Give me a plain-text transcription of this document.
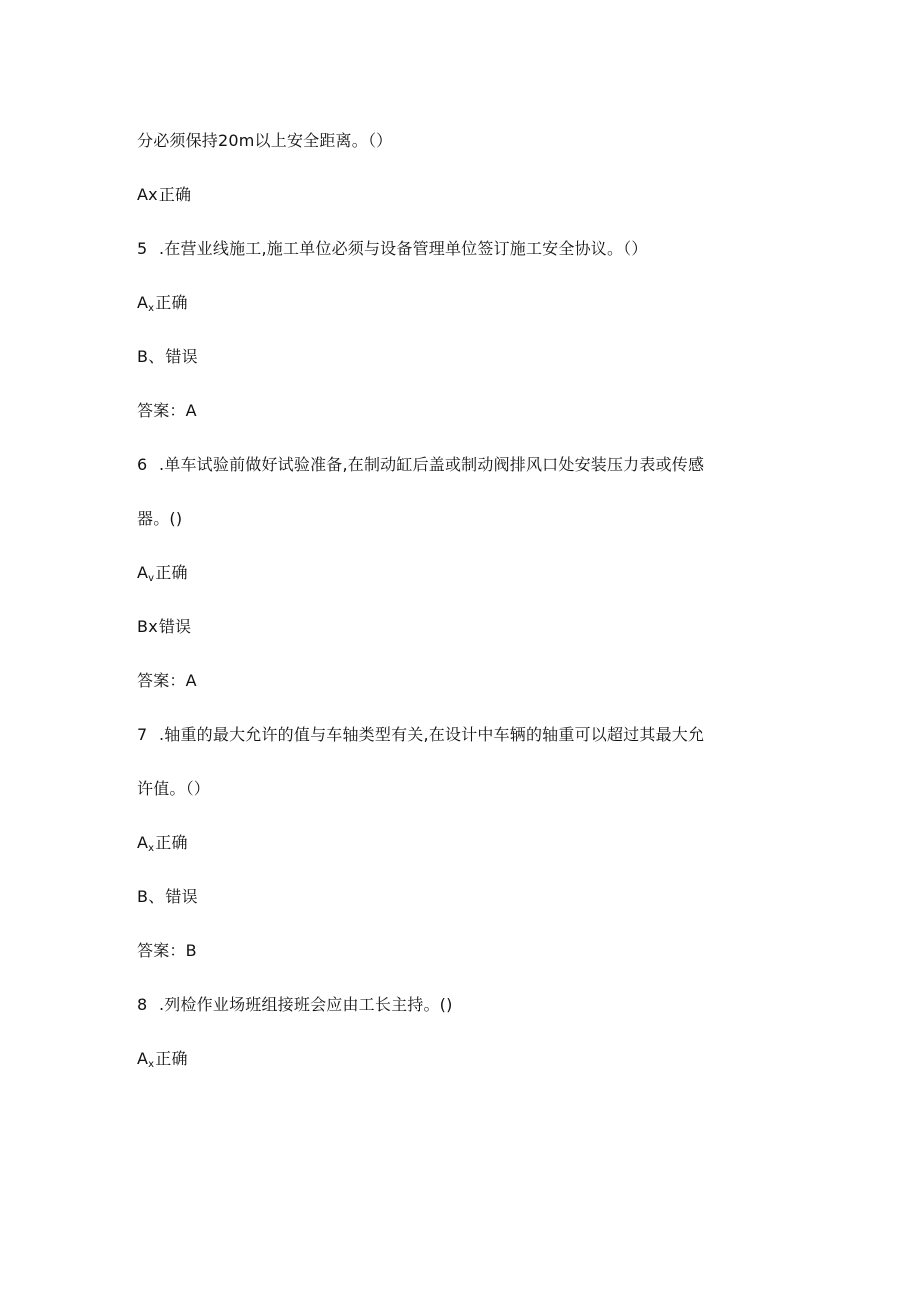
分必须保持20m以上安全距离。（）
Ax正确
5 .在营业线施工,施工单位必须与设备管理单位签订施工安全协议。（）
Ax正确
B、错误
答案：A
6 .单车试验前做好试验准备,在制动缸后盖或制动阀排风口处安装压力表或传感
器。()
Av正确
Bx错误
答案：A
7 .轴重的最大允许的值与车轴类型有关,在设计中车辆的轴重可以超过其最大允
许值。（）
Ax正确
B、错误
答案：B
8 .列检作业场班组接班会应由工长主持。()
Ax正确
